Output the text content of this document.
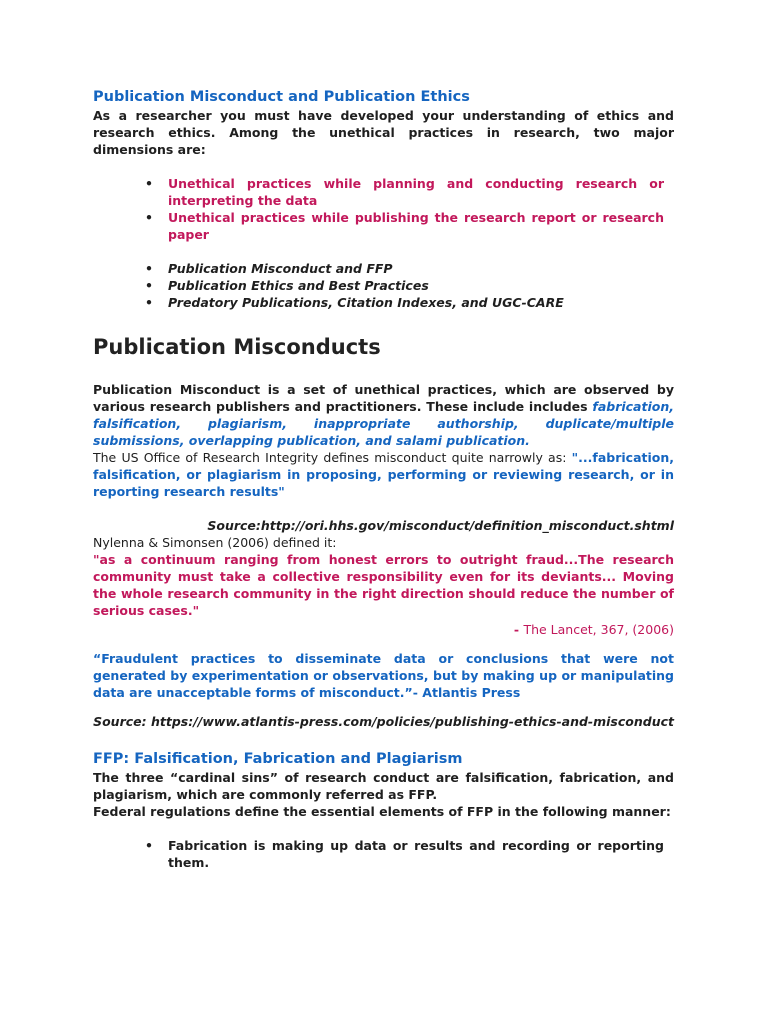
Publication Misconduct and Publication Ethics

As a researcher you must have developed your understanding of ethics and research ethics. Among the unethical practices in research, two major dimensions are:

• Unethical practices while planning and conducting research or interpreting the data
• Unethical practices while publishing the research report or research paper
• Publication Misconduct and FFP
• Publication Ethics and Best Practices
• Predatory Publications, Citation Indexes, and UGC-CARE
Publication Misconducts

Publication Misconduct is a set of unethical practices, which are observed by various research publishers and practitioners. These include includes fabrication, falsification, plagiarism, inappropriate authorship, duplicate/multiple submissions, overlapping publication, and salami publication.

The US Office of Research Integrity defines misconduct quite narrowly as: "...fabrication, falsification, or plagiarism in proposing, performing or reviewing research, or in reporting research results"

Source:http://ori.hhs.gov/misconduct/definition_misconduct.shtml

Nylenna & Simonsen (2006) defined it:

"as a continuum ranging from honest errors to outright fraud...The research community must take a collective responsibility even for its deviants... Moving the whole research community in the right direction should reduce the number of serious cases."

- The Lancet, 367, (2006)

“Fraudulent practices to disseminate data or conclusions that were not generated by experimentation or observations, but by making up or manipulating data are unacceptable forms of misconduct.”- Atlantis Press

Source: https://www.atlantis-press.com/policies/publishing-ethics-and-misconduct

FFP: Falsification, Fabrication and Plagiarism

The three “cardinal sins” of research conduct are falsification, fabrication, and plagiarism, which are commonly referred as FFP.

Federal regulations define the essential elements of FFP in the following manner:

• Fabrication is making up data or results and recording or reporting them.
